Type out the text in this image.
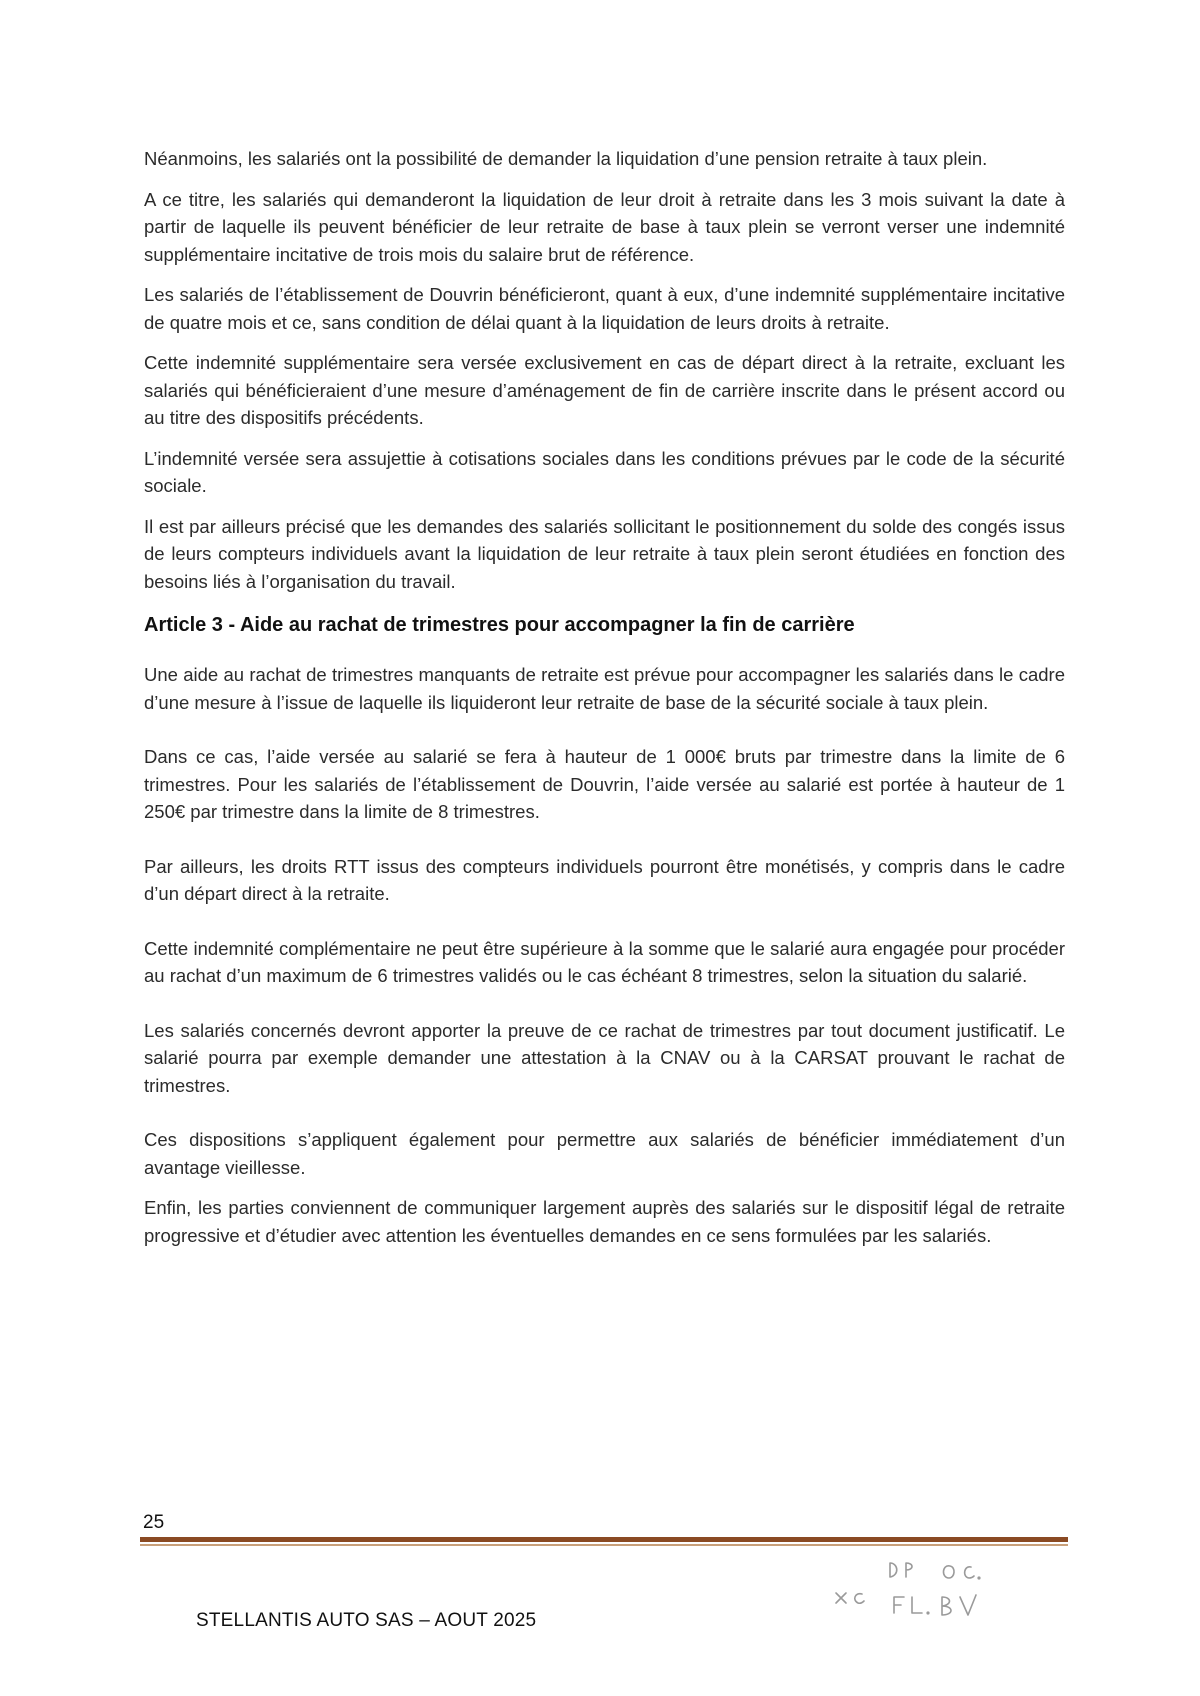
Néanmoins, les salariés ont la possibilité de demander la liquidation d’une pension retraite à taux plein.

A ce titre, les salariés qui demanderont la liquidation de leur droit à retraite dans les 3 mois suivant la date à partir de laquelle ils peuvent bénéficier de leur retraite de base à taux plein se verront verser une indemnité supplémentaire incitative de trois mois du salaire brut de référence.

Les salariés de l’établissement de Douvrin bénéficieront, quant à eux, d’une indemnité supplémentaire incitative de quatre mois et ce, sans condition de délai quant à la liquidation de leurs droits à retraite.

Cette indemnité supplémentaire sera versée exclusivement en cas de départ direct à la retraite, excluant les salariés qui bénéficieraient d’une mesure d’aménagement de fin de carrière inscrite dans le présent accord ou au titre des dispositifs précédents.

L’indemnité versée sera assujettie à cotisations sociales dans les conditions prévues par le code de la sécurité sociale.

Il est par ailleurs précisé que les demandes des salariés sollicitant le positionnement du solde des congés issus de leurs compteurs individuels avant la liquidation de leur retraite à taux plein seront étudiées en fonction des besoins liés à l’organisation du travail.

Article 3 - Aide au rachat de trimestres pour accompagner la fin de carrière

Une aide au rachat de trimestres manquants de retraite est prévue pour accompagner les salariés dans le cadre d’une mesure à l’issue de laquelle ils liquideront leur retraite de base de la sécurité sociale à taux plein.

Dans ce cas, l’aide versée au salarié se fera à hauteur de 1 000€ bruts par trimestre dans la limite de 6 trimestres. Pour les salariés de l’établissement de Douvrin, l’aide versée au salarié est portée à hauteur de 1 250€ par trimestre dans la limite de 8 trimestres.

Par ailleurs, les droits RTT issus des compteurs individuels pourront être monétisés, y compris dans le cadre d’un départ direct à la retraite.

Cette indemnité complémentaire ne peut être supérieure à la somme que le salarié aura engagée pour procéder au rachat d’un maximum de 6 trimestres validés ou le cas échéant 8 trimestres, selon la situation du salarié.

Les salariés concernés devront apporter la preuve de ce rachat de trimestres par tout document justificatif. Le salarié pourra par exemple demander une attestation à la CNAV ou à la CARSAT prouvant le rachat de trimestres.

Ces dispositions s’appliquent également pour permettre aux salariés de bénéficier immédiatement d’un avantage vieillesse.

Enfin, les parties conviennent de communiquer largement auprès des salariés sur le dispositif légal de retraite progressive et d’étudier avec attention les éventuelles demandes en ce sens formulées par les salariés.

25

STELLANTIS AUTO SAS – AOUT 2025
